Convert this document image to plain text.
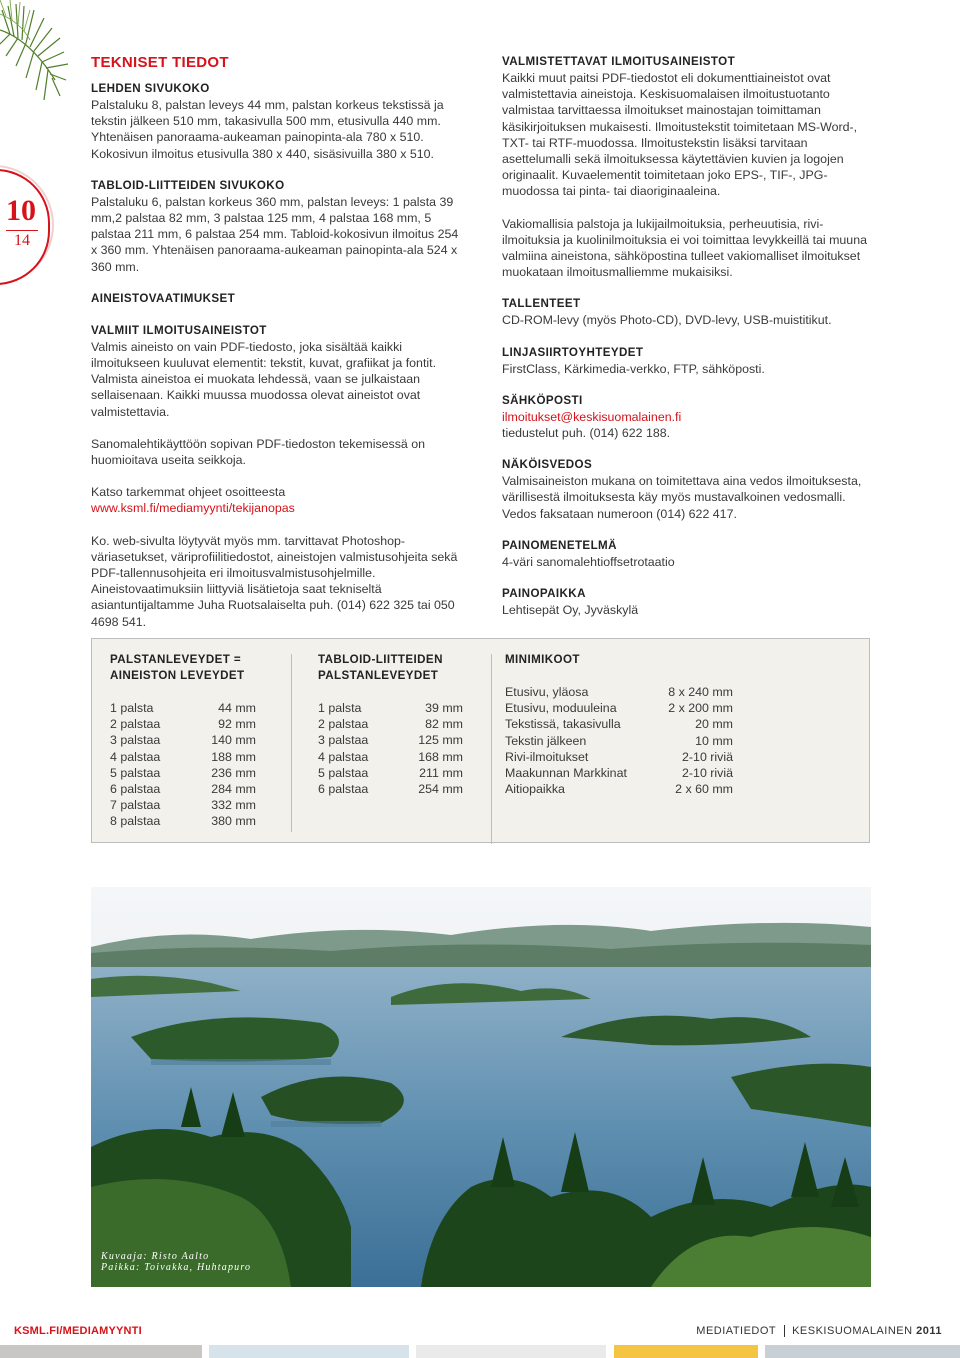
10
14
TEKNISET TIEDOT
LEHDEN SIVUKOKO

Palstaluku 8, palstan leveys 44 mm, palstan korkeus tekstissä ja tekstin jälkeen 510 mm, takasivulla 500 mm, etusivulla 440 mm. Yhtenäisen panoraama-aukeaman painopinta-ala 780 x 510. Kokosivun ilmoitus etusivulla 380 x 440, sisäsivuilla 380 x 510.

TABLOID-LIITTEIDEN SIVUKOKO

Palstaluku 6, palstan korkeus 360 mm, palstan leveys: 1 palsta 39 mm,2 palstaa 82 mm, 3 palstaa 125 mm, 4 palstaa 168 mm, 5 palstaa 211 mm, 6 palstaa 254 mm. Tabloid-kokosivun ilmoitus 254 x 360 mm. Yhtenäisen panoraama-aukeaman painopinta-ala 524 x 360 mm.

AINEISTOVAATIMUKSET
VALMIIT ILMOITUSAINEISTOT

Valmis aineisto on vain PDF-tiedosto, joka sisältää kaikki ilmoitukseen kuuluvat elementit: tekstit, kuvat, grafiikat ja fontit. Valmista aineistoa ei muokata lehdessä, vaan se julkaistaan sellaisenaan. Kaikki muussa muodossa olevat aineistot ovat valmistettavia.

Sanomalehtikäyttöön sopivan PDF-tiedoston tekemisessä on huomioitava useita seikkoja.

Katso tarkemmat ohjeet osoitteesta

www.ksml.fi/mediamyynti/tekijanopas

Ko. web-sivulta löytyvät myös mm. tarvittavat Photoshop-väriasetukset, väriprofiilitiedostot, aineistojen valmistusohjeita sekä PDF-tallennusohjeita eri ilmoitusvalmistusohjelmille. Aineistovaatimuksiin liittyviä lisätietoja saat tekniseltä asiantuntijaltamme Juha Ruotsalaiselta puh. (014) 622 325 tai 050 4698 541.

VALMISTETTAVAT ILMOITUSAINEISTOT

Kaikki muut paitsi PDF-tiedostot eli dokumenttiaineistot ovat valmistettavia aineistoja. Keskisuomalaisen ilmoitustuotanto valmistaa tarvittaessa ilmoitukset mainostajan toimittaman käsikirjoituksen mukaisesti. Ilmoitustekstit toimitetaan MS-Word-, TXT- tai RTF-muodossa. Ilmoitustekstin lisäksi tarvitaan asettelumalli sekä ilmoituksessa käytettävien kuvien ja logojen originaalit. Kuvaelementit toimitetaan joko EPS-, TIF-, JPG-muodossa tai pinta- tai diaoriginaaleina.

Vakiomallisia palstoja ja lukijailmoituksia, perheuutisia, rivi-ilmoituksia ja kuolinilmoituksia ei voi toimittaa levykkeillä tai muuna valmiina aineistona, sähköpostina tulleet vakiomalliset ilmoitukset muokataan ilmoitusmalliemme mukaisiksi.

TALLENTEET

CD-ROM-levy (myös Photo-CD), DVD-levy, USB-muistitikut.

LINJASIIRTOYHTEYDET

FirstClass, Kärkimedia-verkko, FTP, sähköposti.

SÄHKÖPOSTI

ilmoitukset@keskisuomalainen.fi

tiedustelut puh. (014) 622 188.

NÄKÖISVEDOS

Valmisaineiston mukana on toimitettava aina vedos ilmoituksesta, värillisestä ilmoituksesta käy myös mustavalkoinen vedosmalli. Vedos faksataan numeroon (014) 622 417.

PAINOMENETELMÄ

4-väri sanomalehtioffsetrotaatio

PAINOPAIKKA

Lehtisepät Oy, Jyväskylä

PALSTANLEVEYDET =
AINEISTON LEVEYDET
1 palsta	44 mm
2 palstaa	92 mm
3 palstaa	140 mm
4 palstaa	188 mm
5 palstaa	236 mm
6 palstaa	284 mm
7 palstaa	332 mm
8 palstaa	380 mm
TABLOID-LIITTEIDEN
PALSTANLEVEYDET
1 palsta	39 mm
2 palstaa	82 mm
3 palstaa	125 mm
4 palstaa	168 mm
5 palstaa	211 mm
6 palstaa	254 mm
MINIMIKOOT
Etusivu, yläosa	8 x 240 mm
Etusivu, moduuleina	2 x 200 mm
Tekstissä, takasivulla	20 mm
Tekstin jälkeen	10 mm
Rivi-ilmoitukset	2-10 riviä
Maakunnan Markkinat	2-10 riviä
Aitiopaikka	2 x 60 mm
Kuvaaja: Risto Aalto
Paikka: Toivakka, Huhtapuro
KSML.FI/MEDIAMYYNTI	MEDIATIEDOT KESKISUOMALAINEN 2011
